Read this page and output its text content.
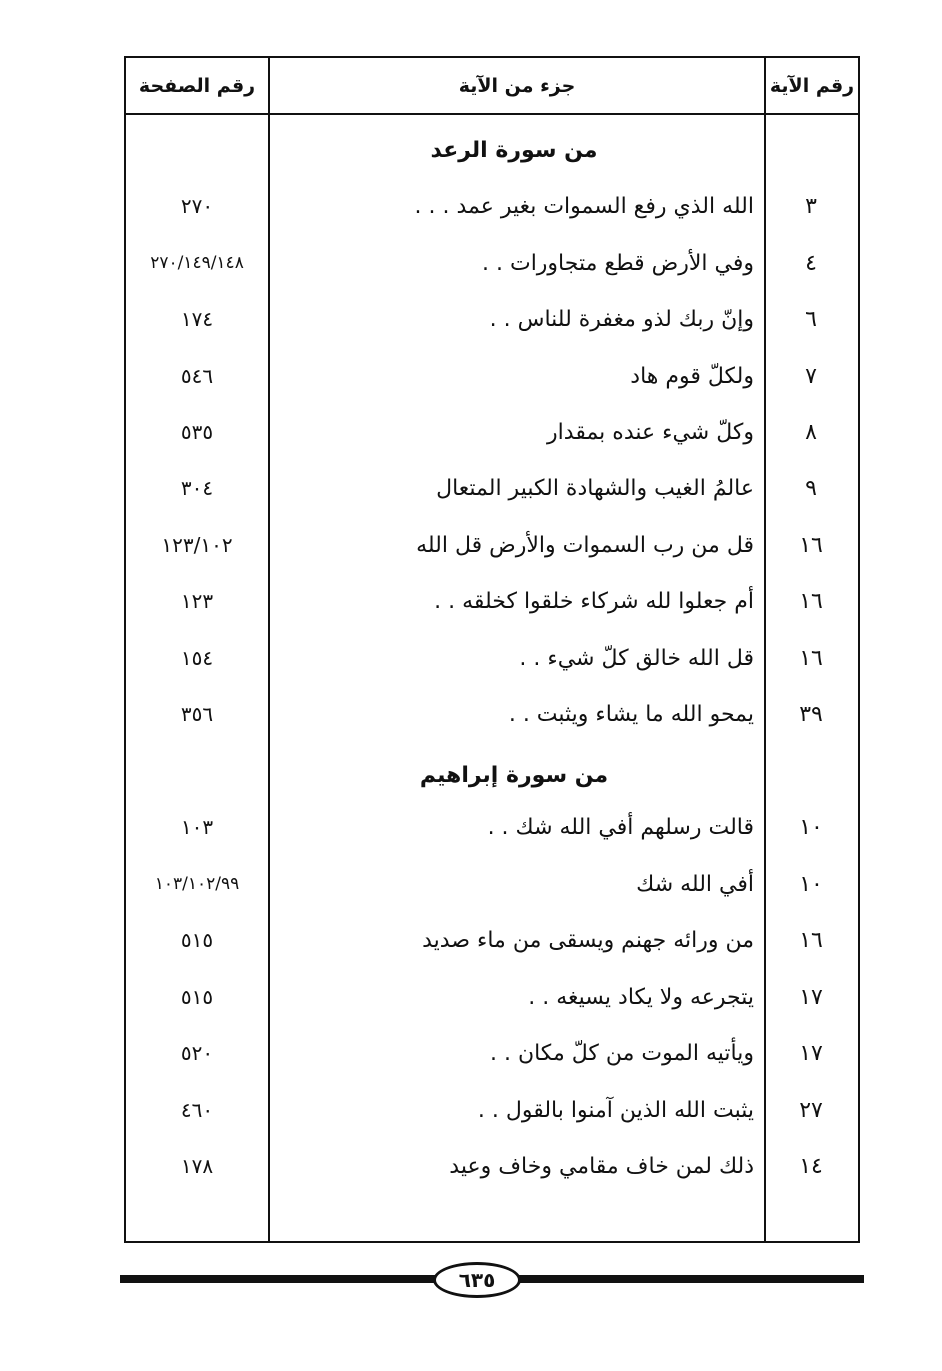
رقم الآية
جزء من الآية
رقم الصفحة
من سورة الرعد
٣
الله الذي رفع السموات بغير عمد . . .
٢٧٠
٤
وفي الأرض قطع متجاورات . .
٢٧٠/١٤٩/١٤٨
٦
وإنّ ربك لذو مغفرة للناس . .
١٧٤
٧
ولكلّ قوم هاد
٥٤٦
٨
وكلّ شيء عنده بمقدار
٥٣٥
٩
عالمُ الغيب والشهادة الكبير المتعال
٣٠٤
١٦
قل من رب السموات والأرض قل الله
١٢٣/١٠٢
١٦
أم جعلوا لله شركاء خلقوا كخلقه . .
١٢٣
١٦
قل الله خالق كلّ شيء . .
١٥٤
٣٩
يمحو الله ما يشاء ويثبت . .
٣٥٦
من سورة إبراهيم
١٠
قالت رسلهم أفي الله شك . .
١٠٣
١٠
أفي الله شك
١٠٣/١٠٢/٩٩
١٦
من ورائه جهنم ويسقى من ماء صديد
٥١٥
١٧
يتجرعه ولا يكاد يسيغه . .
٥١٥
١٧
ويأتيه الموت من كلّ مكان . .
٥٢٠
٢٧
يثبت الله الذين آمنوا بالقول . .
٤٦٠
١٤
ذلك لمن خاف مقامي وخاف وعيد
١٧٨
٦٣٥
